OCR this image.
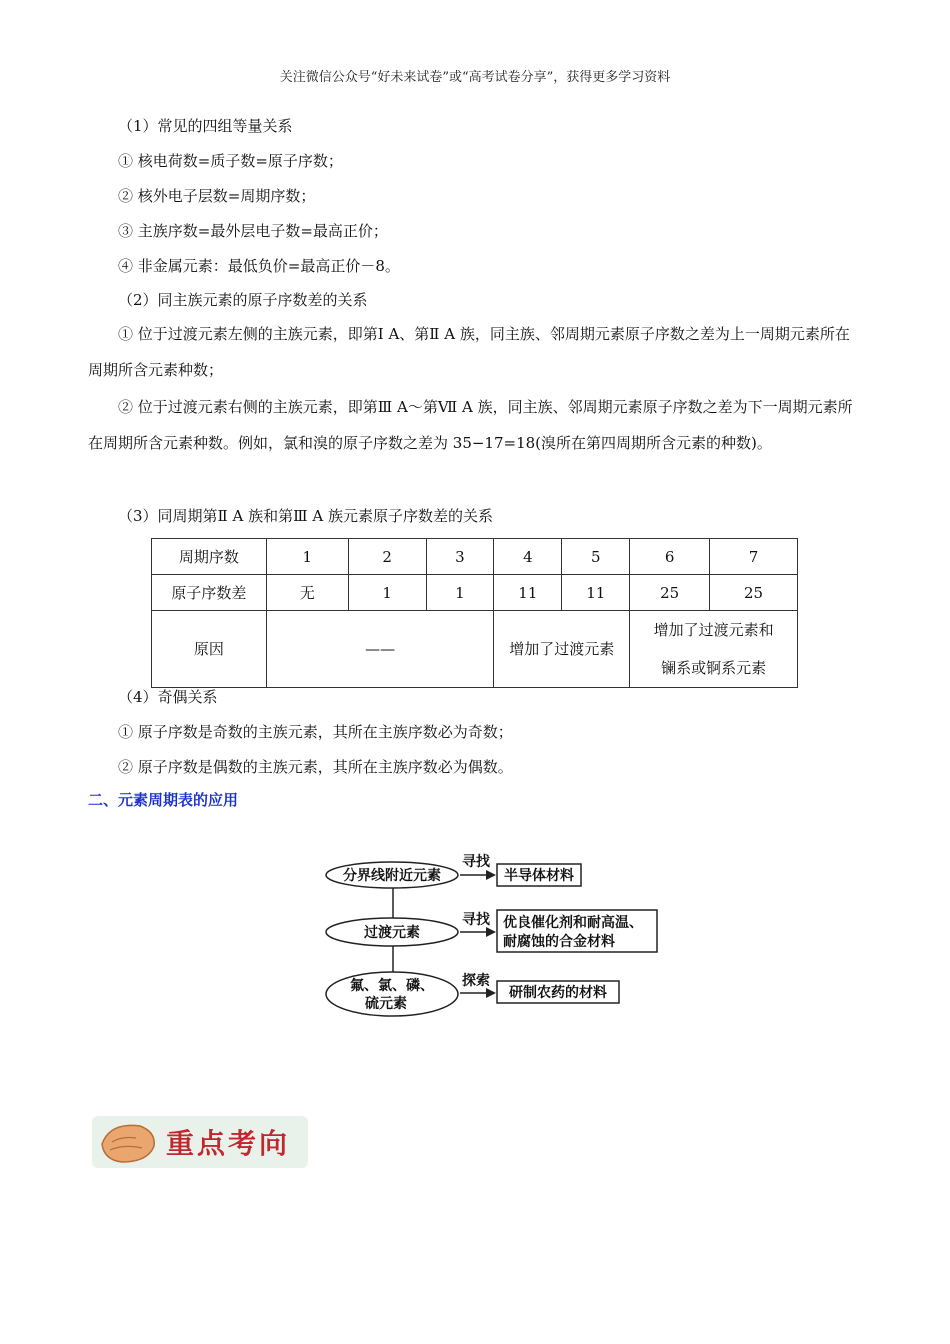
关注微信公众号“好未来试卷”或“高考试卷分享”，获得更多学习资料
（1）常见的四组等量关系
① 核电荷数=质子数=原子序数；
② 核外电子层数=周期序数；
③ 主族序数=最外层电子数=最高正价；
④ 非金属元素：最低负价=最高正价－8。
（2）同主族元素的原子序数差的关系
① 位于过渡元素左侧的主族元素，即第Ⅰ A、第Ⅱ A 族，同主族、邻周期元素原子序数之差为上一周期元素所在周期所含元素种数；
② 位于过渡元素右侧的主族元素，即第Ⅲ A～第Ⅶ A 族，同主族、邻周期元素原子序数之差为下一周期元素所在周期所含元素种数。例如，氯和溴的原子序数之差为 35−17=18(溴所在第四周期所含元素的种数)。
（3）同周期第Ⅱ A 族和第Ⅲ A 族元素原子序数差的关系
周期序数	1	2	3	4	5	6	7
原子序数差	无	1	1	11	11	25	25
原因	——			增加了过渡元素		增加了过渡元素和
镧系或锕系元素	
（4）奇偶关系
① 原子序数是奇数的主族元素，其所在主族序数必为奇数；
② 原子序数是偶数的主族元素，其所在主族序数必为偶数。
二、元素周期表的应用
分界线附近元素
过渡元素
氟、氯、磷、
硫元素
寻找
寻找
探索
半导体材料
优良催化剂和耐高温、
耐腐蚀的合金材料
研制农药的材料
重点考向
